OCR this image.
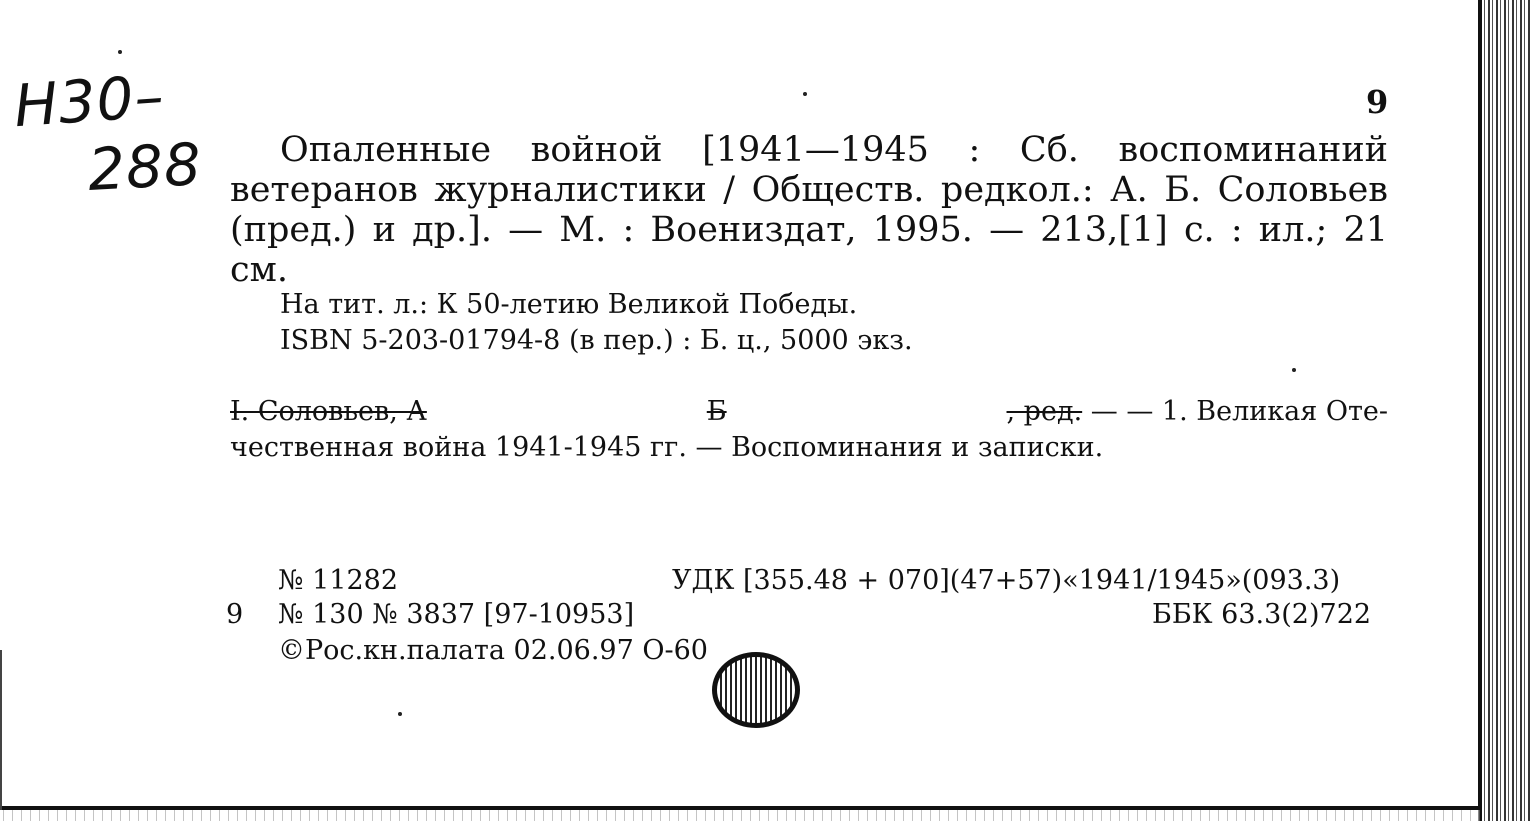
Н30–
288
9
Опаленные войной [1941—1945 : Сб. воспоминаний ветеранов журналистики / Обществ. редкол.: А. Б. Соловьев (пред.) и др.]. — М. : Воениздат, 1995. — 213,[1] с. : ил.; 21 см.
На тит. л.: К 50-летию Великой Победы.
ISBN 5-203-01794-8 (в пер.) : Б. ц., 5000 экз.
I. Соловьев, А	Б	, ред. — — 1. Великая Оте-
чественная война 1941-1945 гг. — Воспоминания и записки.
№ 11282	УДК [355.48 + 070](47+57)«1941/1945»(093.3)
9 № 130 № 3837 [97-10953]	ББК 63.3(2)722
©Рос.кн.палата 02.06.97 О-60
